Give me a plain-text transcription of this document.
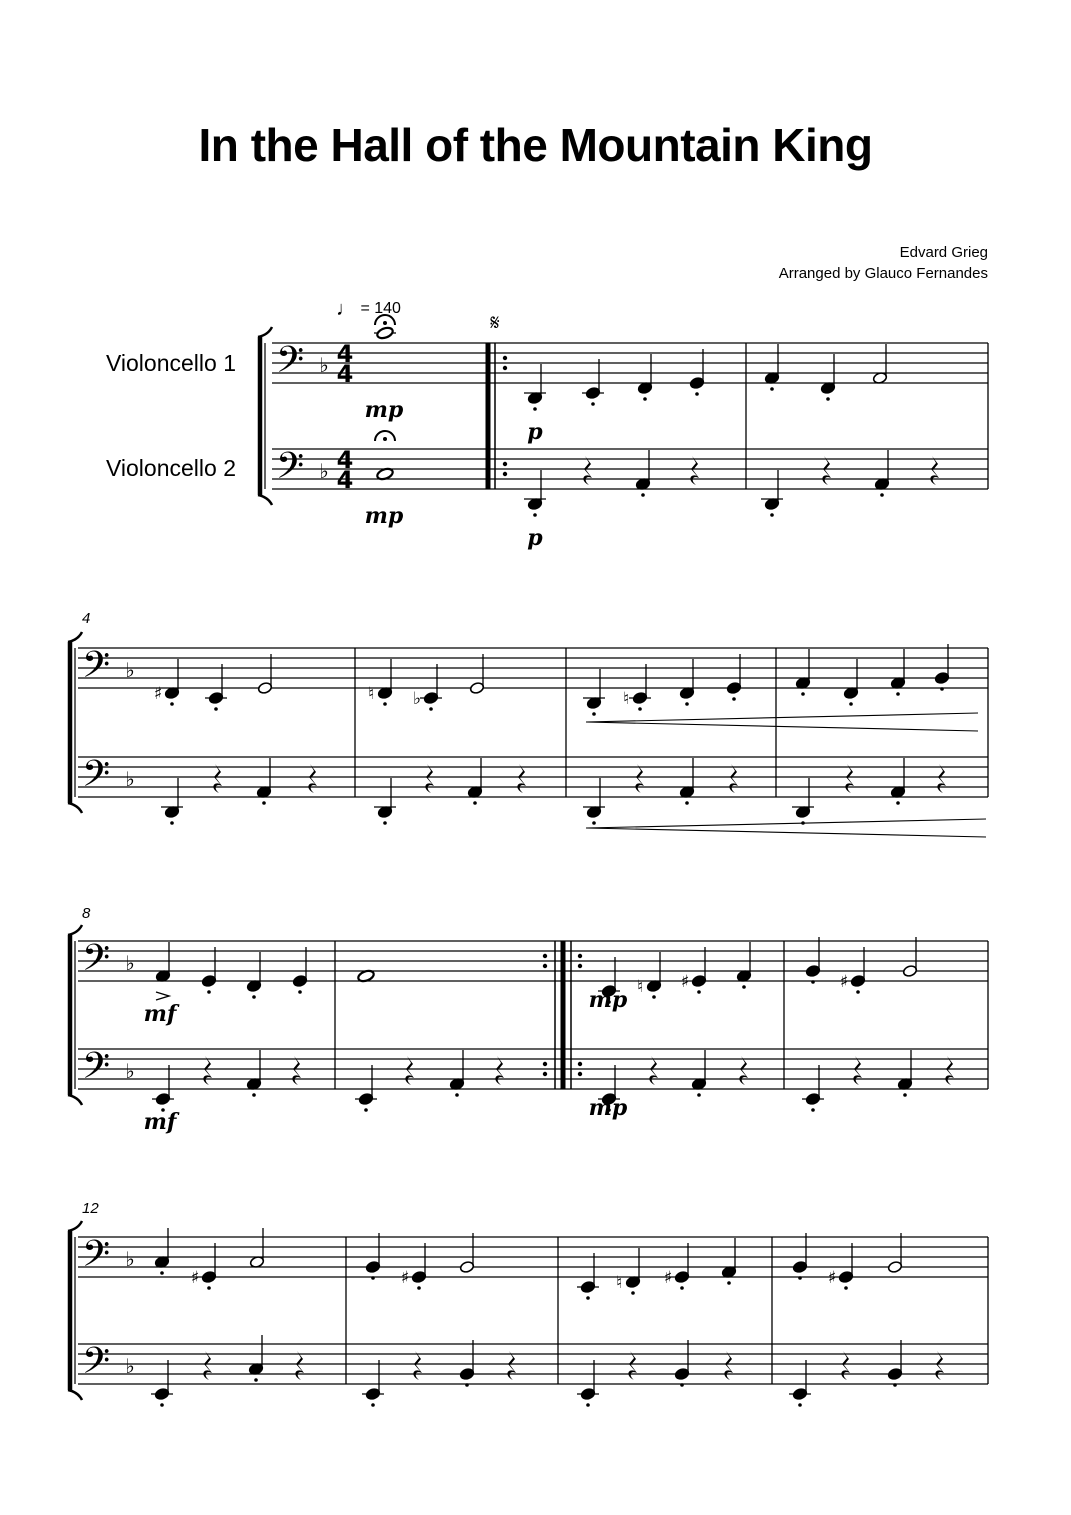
In the Hall of the Mountain King
Edvard Grieg
Arranged by Glauco Fernandes
♩ = 140
Violoncello 1
Violoncello 2
4
8
12
𝄢 ♭
𝄢 ♭
4
4
4
4
mp
mp
𝄋
p
p
𝄢 ♭
𝄢 ♭
♯	♮ ♭	♮
𝄢 ♭
𝄢 ♭
mf
mf
♮ ♯
mp
mp
♯
𝄢 ♭
𝄢 ♭
♯	♯	♮ ♯	♯
